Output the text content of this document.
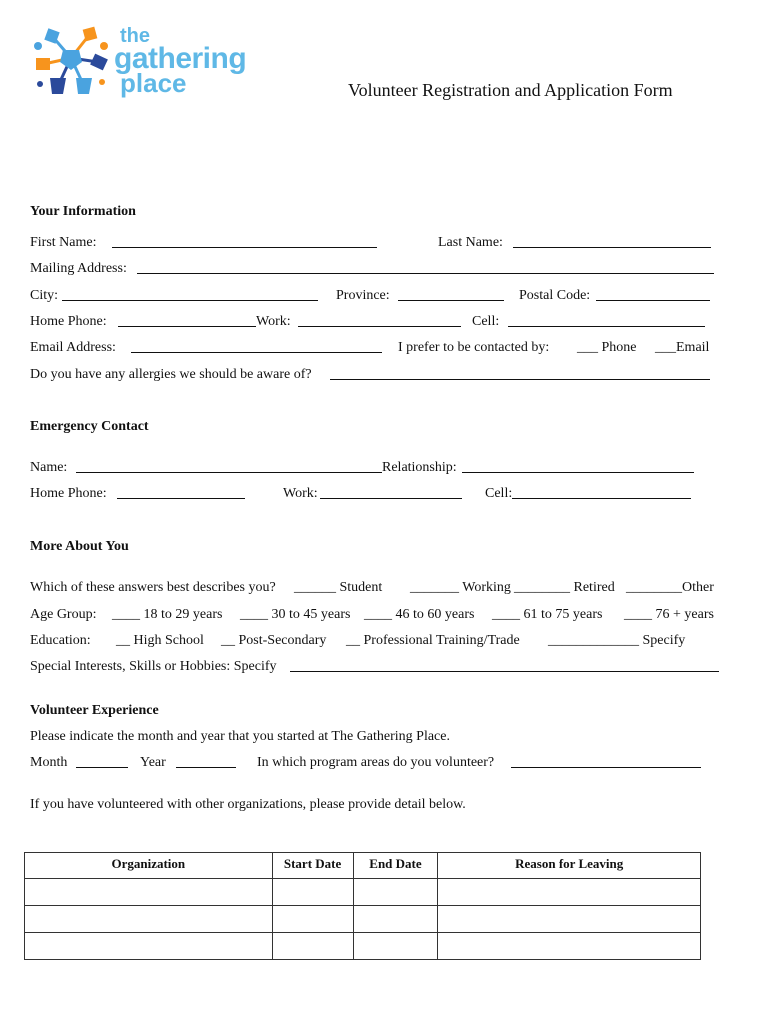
the
gathering
place	Volunteer Registration and Application Form
Your Information
First Name:	Last Name:
Mailing Address:
City:	Province:	Postal Code:
Home Phone:	Work:	Cell:
Email Address:	I prefer to be contacted by: ___ Phone ___Email
Do you have any allergies we should be aware of?
Emergency Contact
Name:	Relationship:
Home Phone:	Work:	Cell:
More About You
Which of these answers best describes you? ______ Student _______ Working ________ Retired ________Other
Age Group: ____ 18 to 29 years ____ 30 to 45 years ____ 46 to 60 years ____ 61 to 75 years ____ 76 + years
Education: __ High School __ Post-Secondary __ Professional Training/Trade _____________ Specify
Special Interests, Skills or Hobbies: Specify
Volunteer Experience
Please indicate the month and year that you started at The Gathering Place.
Month	Year	In which program areas do you volunteer?
If you have volunteered with other organizations, please provide detail below.
Organization	Start Date	End Date	Reason for Leaving
